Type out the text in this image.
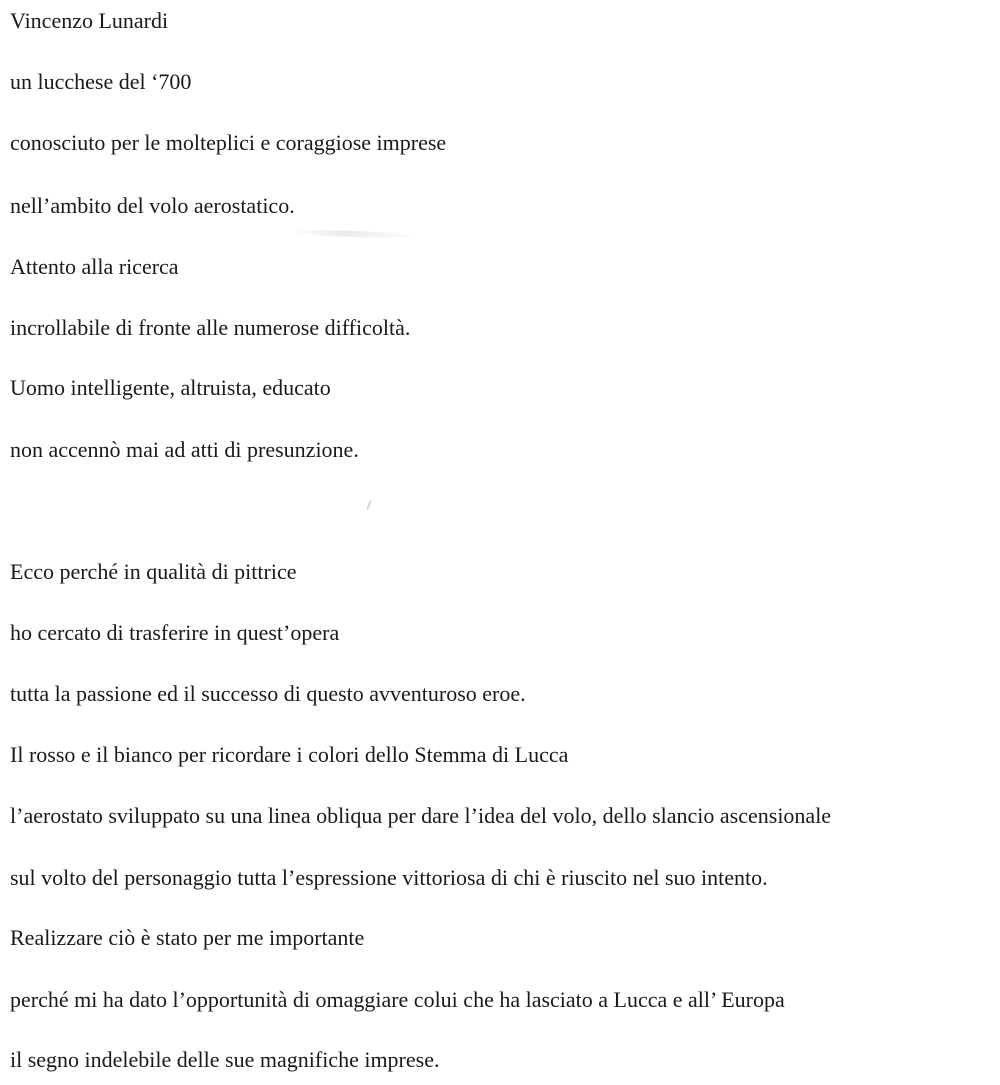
Vincenzo Lunardi

un lucchese del ‘700

conosciuto per le molteplici e coraggiose imprese

nell’ambito del volo aerostatico.

Attento alla ricerca

incrollabile di fronte alle numerose difficoltà.

Uomo intelligente, altruista, educato

non accennò mai ad atti di presunzione.

Ecco perché in qualità di pittrice

ho cercato di trasferire in quest’opera

tutta la passione ed il successo di questo avventuroso eroe.

Il rosso e il bianco per ricordare i colori dello Stemma di Lucca

l’aerostato sviluppato su una linea obliqua per dare l’idea del volo, dello slancio ascensionale

sul volto del personaggio tutta l’espressione vittoriosa di chi è riuscito nel suo intento.

Realizzare ciò è stato per me importante

perché mi ha dato l’opportunità di omaggiare colui che ha lasciato a Lucca e all’ Europa

il segno indelebile delle sue magnifiche imprese.
